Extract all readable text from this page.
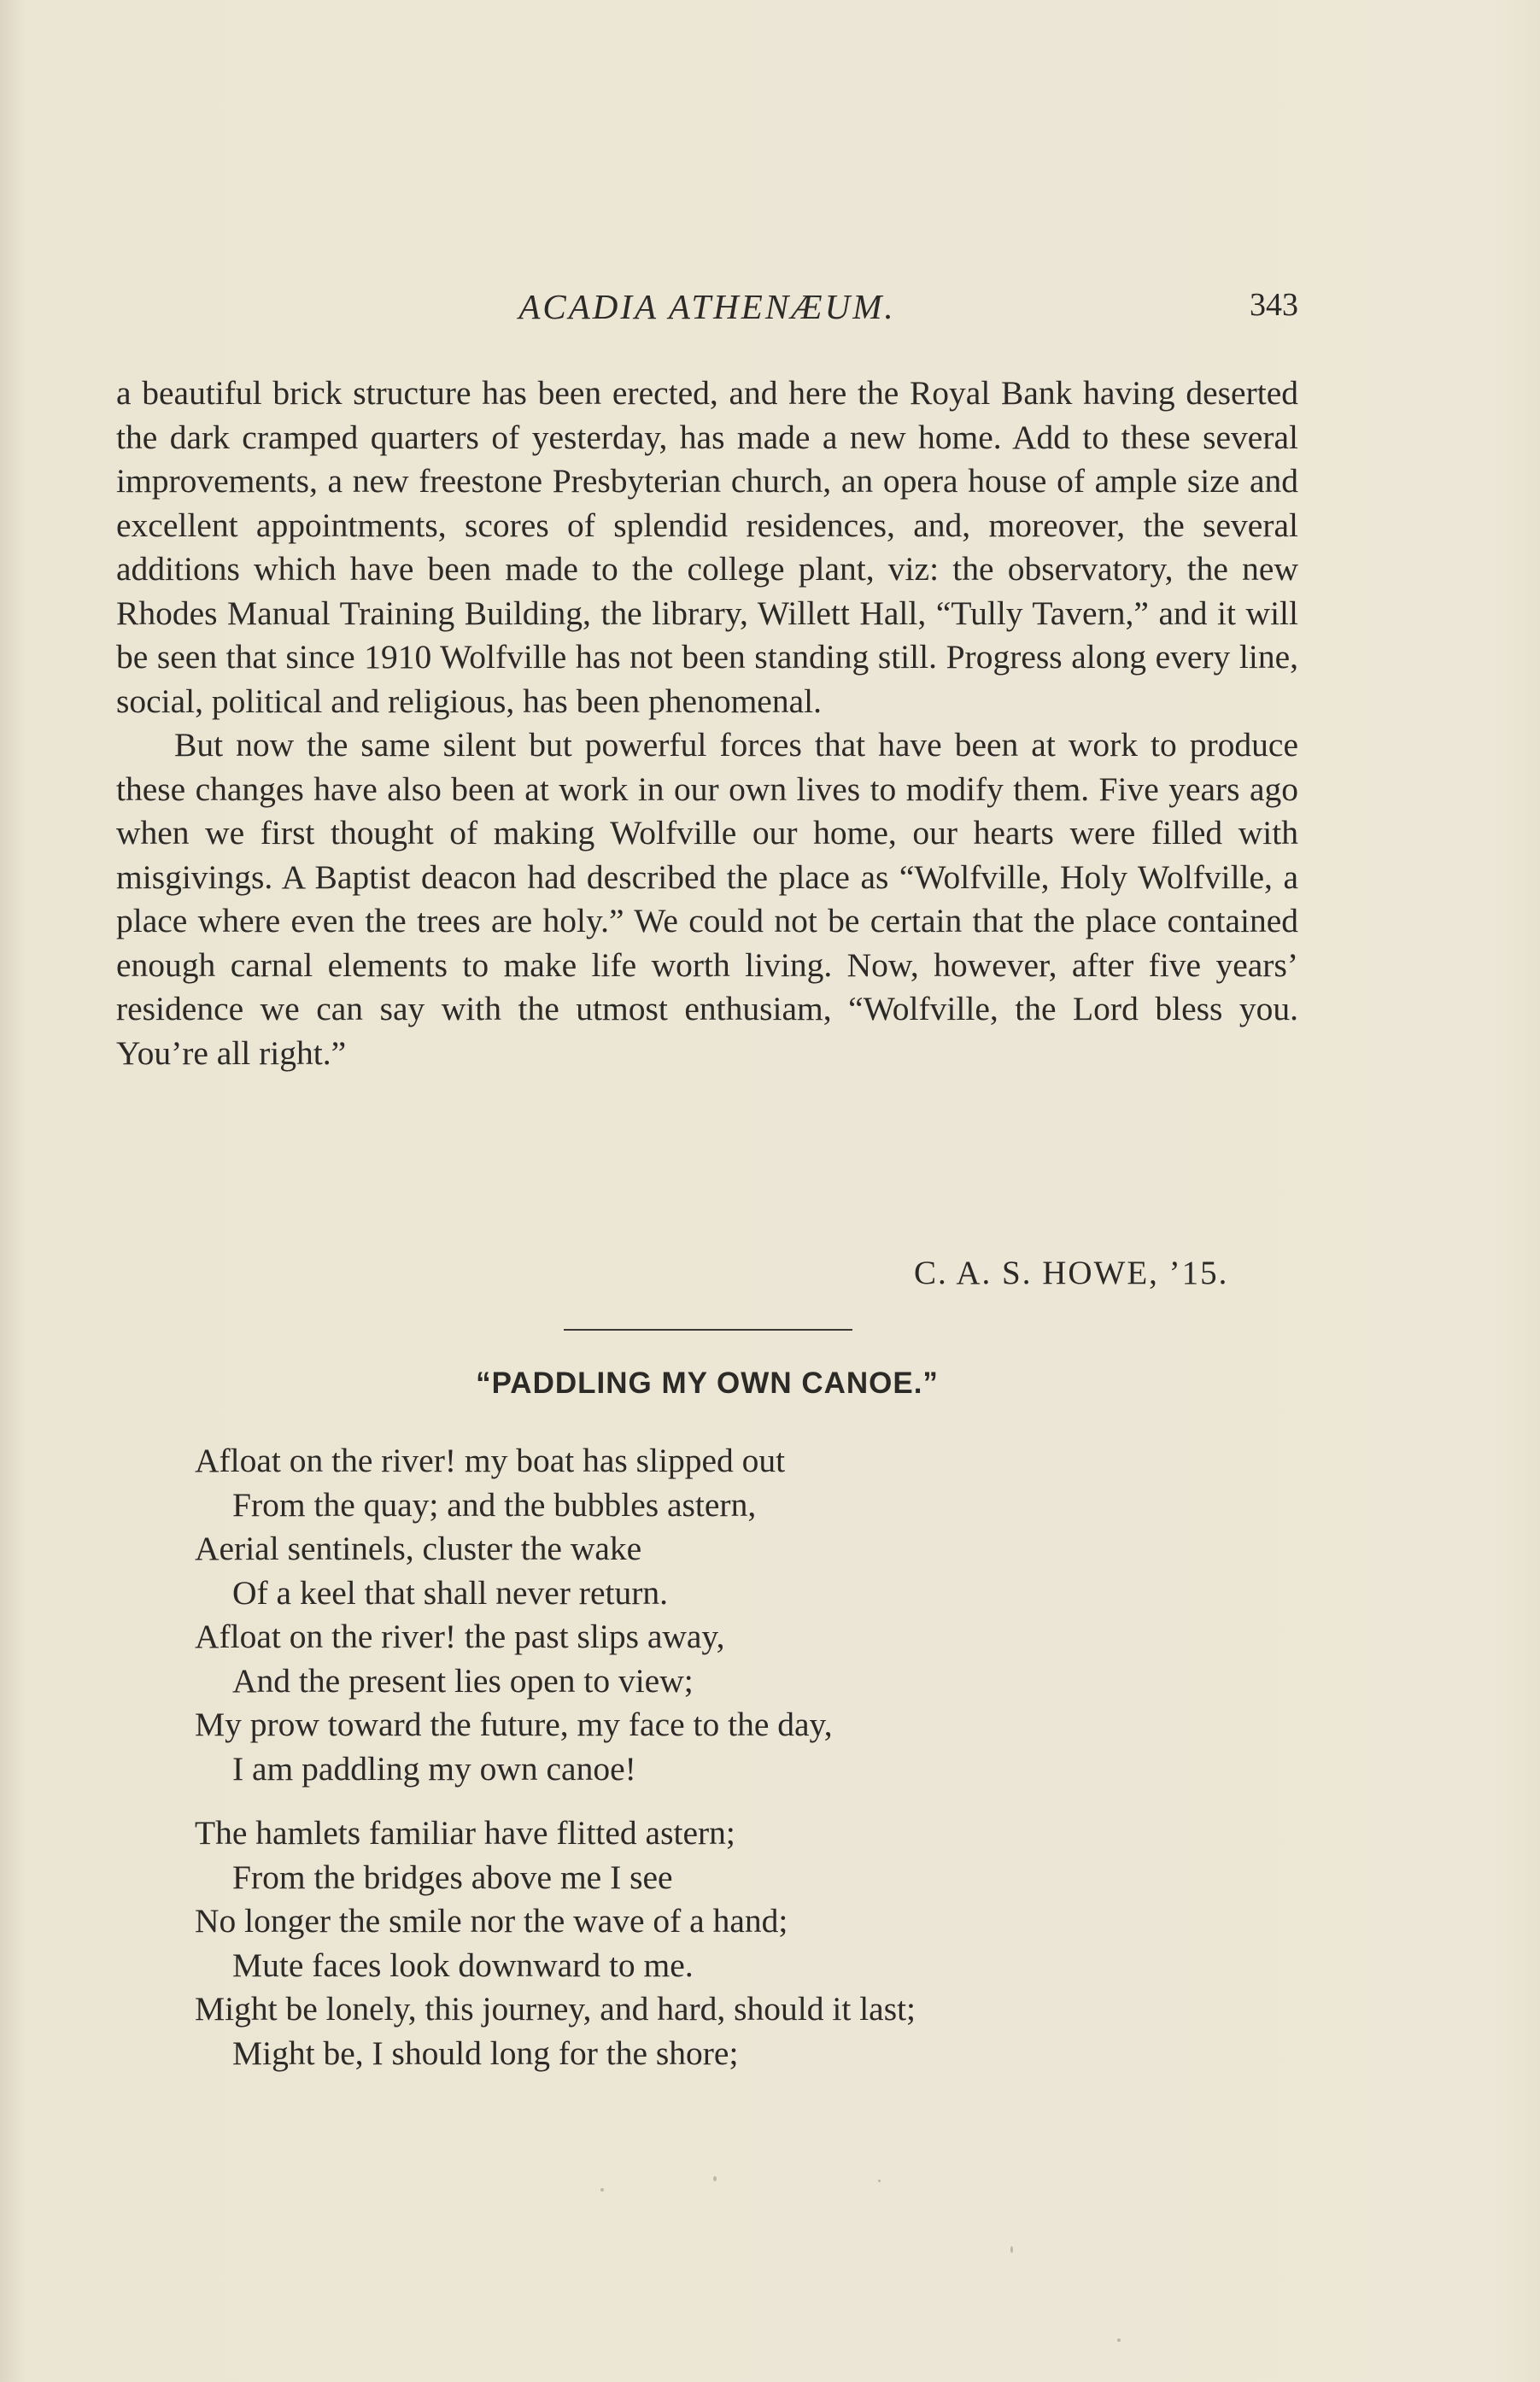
ACADIA ATHENÆUM.	343

a beautiful brick structure has been erected, and here the Royal Bank having deserted the dark cramped quarters of yesterday, has made a new home. Add to these several improvements, a new freestone Presbyterian church, an opera house of ample size and excellent appointments, scores of splendid residences, and, moreover, the several additions which have been made to the college plant, viz: the observatory, the new Rhodes Manual Training Building, the library, Willett Hall, “Tully Tavern,” and it will be seen that since 1910 Wolfville has not been standing still. Progress along every line, social, political and religious, has been phenomenal.

But now the same silent but powerful forces that have been at work to produce these changes have also been at work in our own lives to modify them. Five years ago when we first thought of making Wolfville our home, our hearts were filled with misgivings. A Baptist deacon had described the place as “Wolfville, Holy Wolfville, a place where even the trees are holy.” We could not be certain that the place contained enough carnal elements to make life worth living. Now, however, after five years’ residence we can say with the utmost enthusiam, “Wolfville, the Lord bless you. You’re all right.”

C. A. S. HOWE, ’15.
“PADDLING MY OWN CANOE.”
Afloat on the river! my boat has slipped out
From the quay; and the bubbles astern,
Aerial sentinels, cluster the wake
Of a keel that shall never return.
Afloat on the river! the past slips away,
And the present lies open to view;
My prow toward the future, my face to the day,
I am paddling my own canoe!
The hamlets familiar have flitted astern;
From the bridges above me I see
No longer the smile nor the wave of a hand;
Mute faces look downward to me.
Might be lonely, this journey, and hard, should it last;
Might be, I should long for the shore;
